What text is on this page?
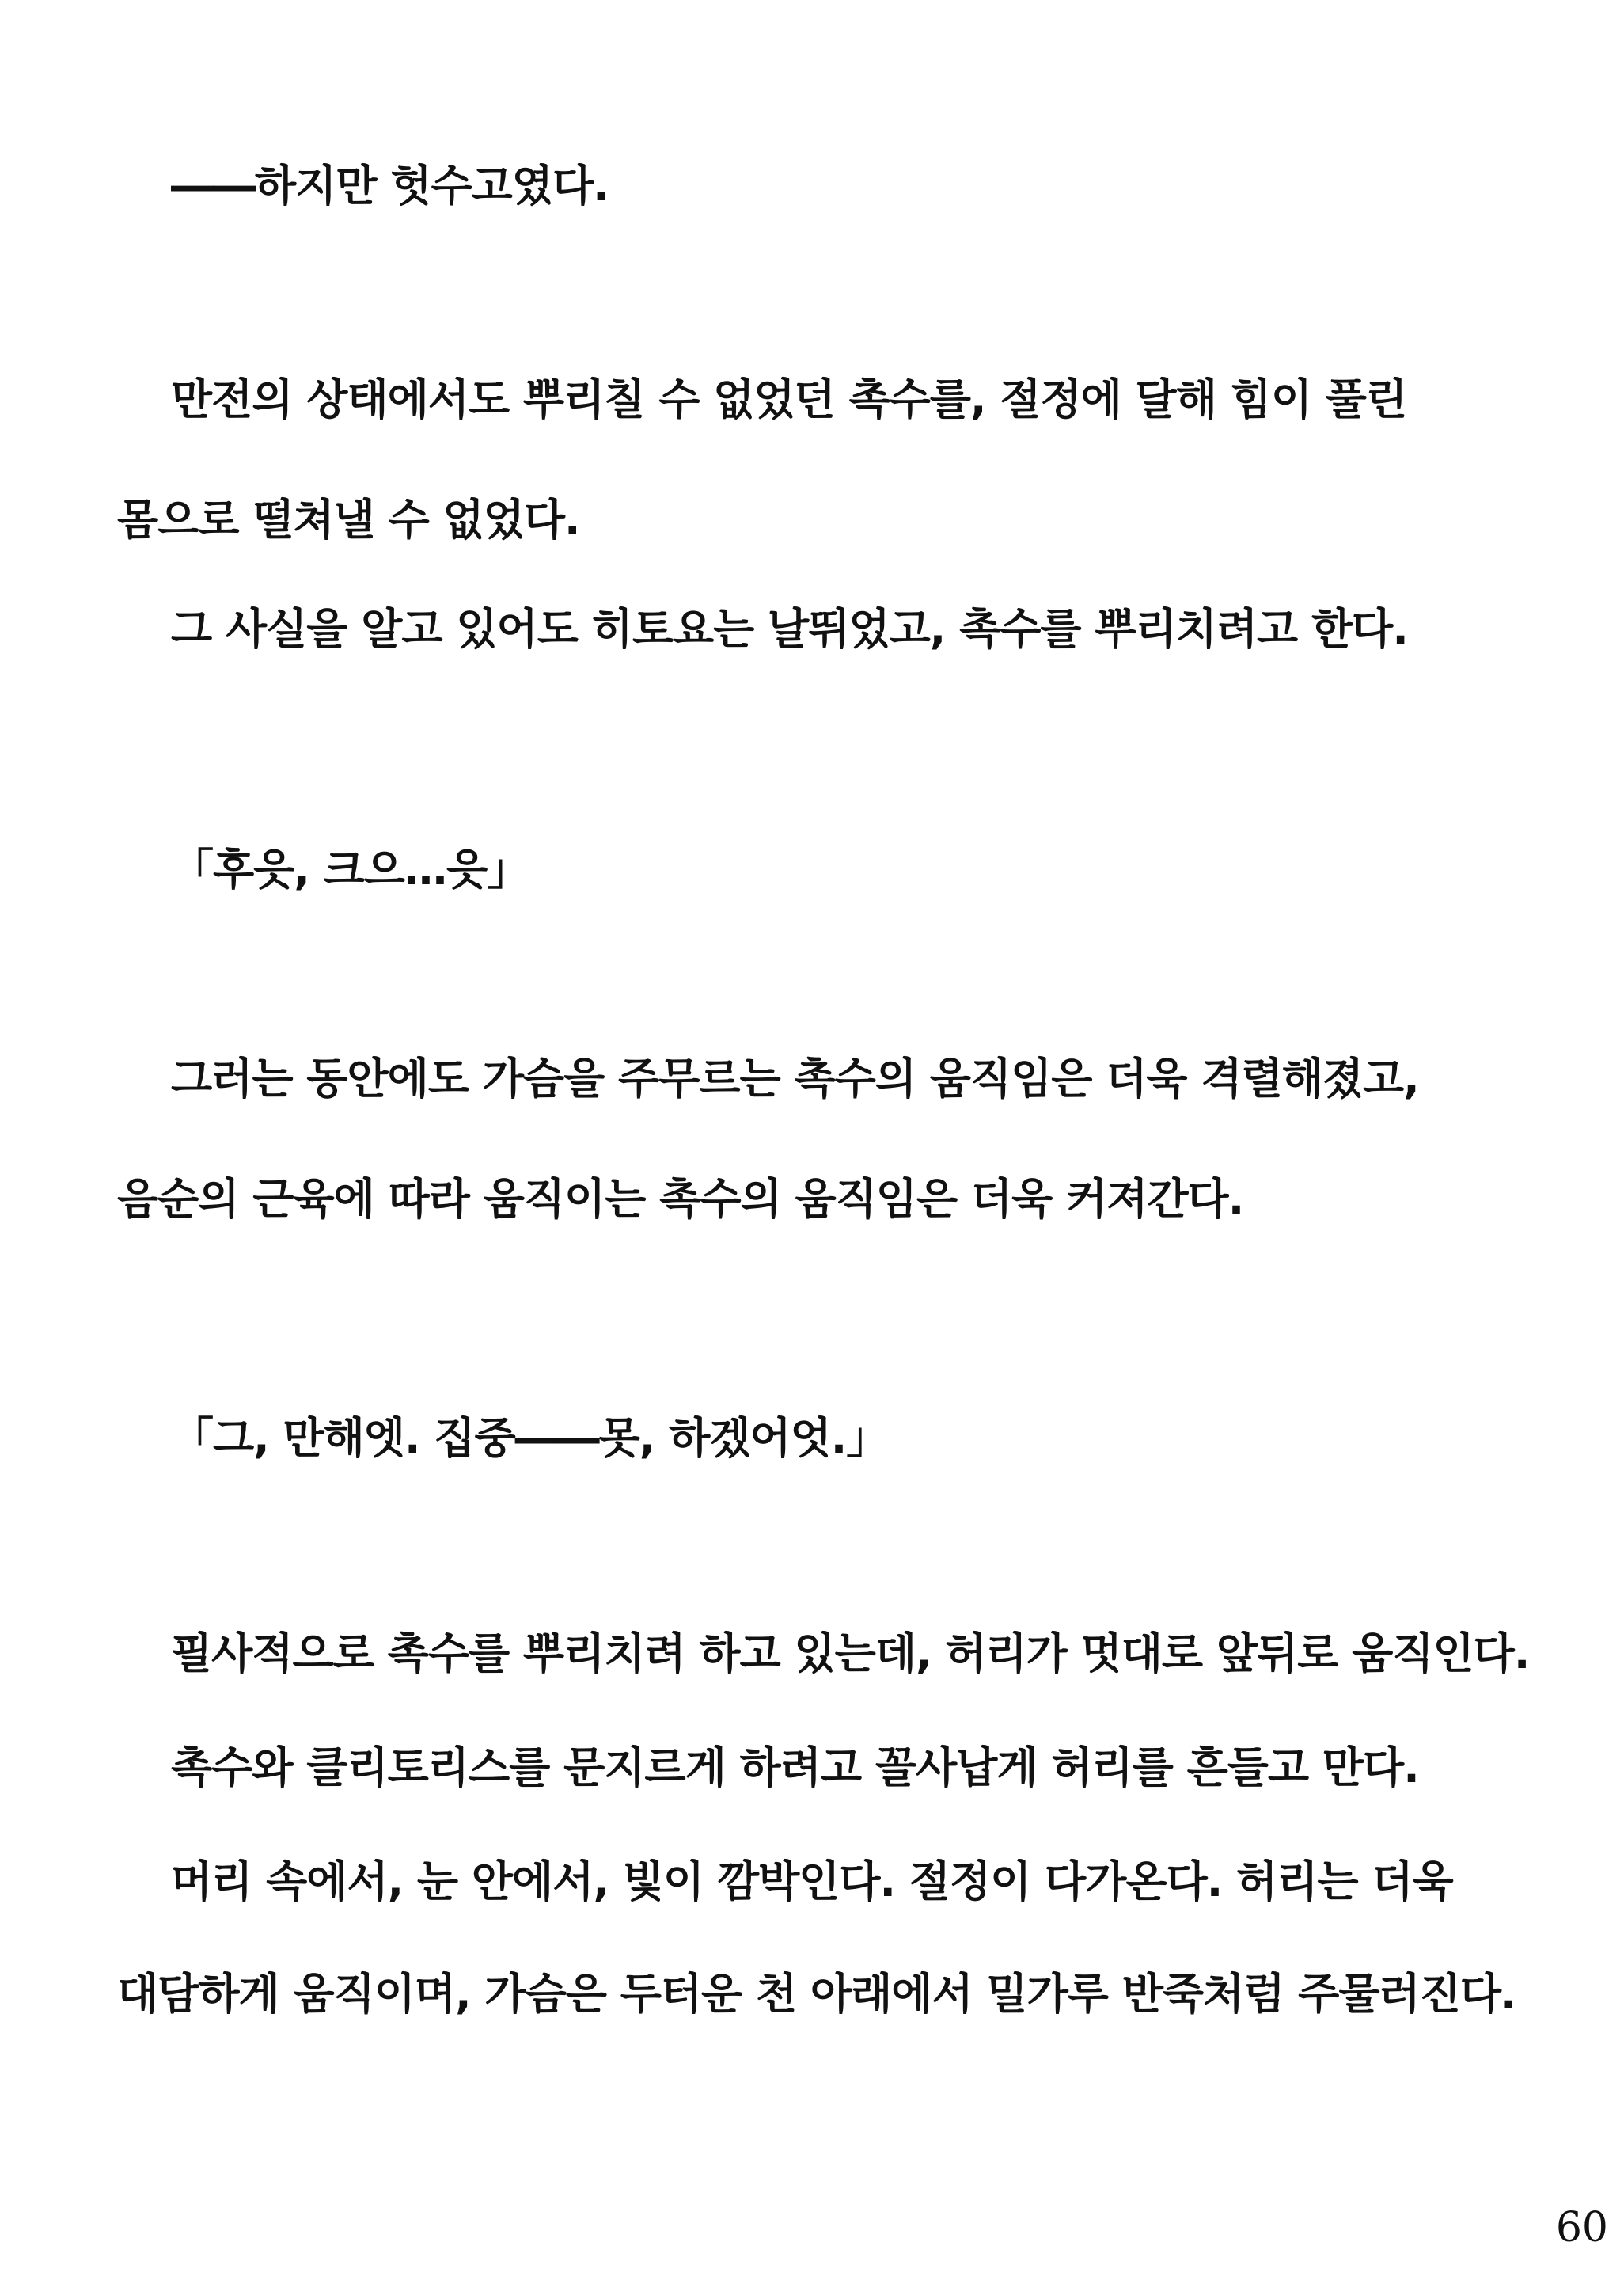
――하지만 헛수고였다.
만전의 상태에서도 뿌리칠 수 없었던 촉수를, 절정에 달해 힘이 풀린
몸으로 떨쳐낼 수 없었다.
그 사실을 알고 있어도 히토요는 날뛰었고, 촉수를 뿌리치려고 한다.
「후읏, 크으…읏」
그러는 동안에도 가슴을 주무르는 촉수의 움직임은 더욱 격렬해졌고,
음순의 근육에 따라 움직이는 촉수의 움직임은 더욱 커져간다.
「그, 만해엣. 집중――못, 하겠어엇.」
필사적으로 촉수를 뿌리치려 하고 있는데, 허리가 멋대로 앞뒤로 움직인다.
촉수와 클리토리스를 문지르게 하려고 꼴사납게 허리를 흔들고 만다.
머리 속에서, 눈 안에서, 빛이 깜박인다. 절정이 다가온다. 허리는 더욱
대담하게 움직이며, 가슴은 두터운 천 아래에서 밀가루 반죽처럼 주물러진다.
60
